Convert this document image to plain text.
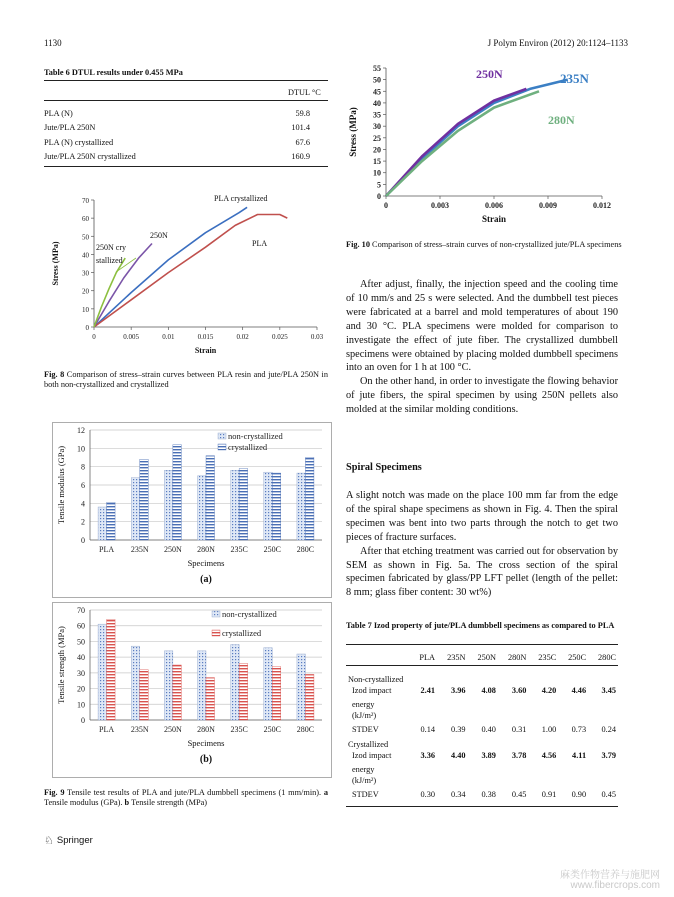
1130	J Polym Environ (2012) 20:1124–1133
Table 6 DTUL results under 0.455 MPa
DTUL °C
PLA (N)	59.8
Jute/PLA 250N	101.4
PLA (N) crystallized	67.6
Jute/PLA 250N crystallized	160.9
0	0.005	0.01	0.015	0.02	0.025	0.03
0
10
20
30
40
50
60
70
Strain
Stress (MPa)
PLA crystallized
PLA
250N
250N cry
stallized
Fig. 8 Comparison of stress–strain curves between PLA resin and jute/PLA 250N in both non-crystallized and crystallized
0
2
4
6
8
10
12
PLA 235N 250N 280N 235C 250C 280C
Specimens
(a)
Tensile modulus (GPa)
non-crystallized
crystallized
0
10
20
30
40
50
60
70
PLA 235N 250N 280N 235C 250C 280C
Specimens
(b)
Tensile strength (MPa)
non-crystallized
crystallized
Fig. 9 Tensile test results of PLA and jute/PLA dumbbell specimens (1 mm/min). a Tensile modulus (GPa). b Tensile strength (MPa)
0	0.003	0.006	0.009	0.012
0
5
10
15
20
25
30
35
40
45
50
55
Strain
Stress (MPa)
250N	235N
280N
Fig. 10 Comparison of stress–strain curves of non-crystallized jute/PLA specimens

After adjust, finally, the injection speed and the cooling time of 10 mm/s and 25 s were selected. And the dumbbell test pieces were fabricated at a barrel and mold temperatures of about 190 and 30 °C. PLA specimens were molded for comparison to investigate the effect of jute fiber. The crystallized dumbbell specimens were obtained by placing molded dumbbell specimens into an oven for 1 h at 100 °C.

On the other hand, in order to investigate the flowing behavior of jute fibers, the spiral specimen by using 250N pellets also molded at the similar molding conditions.

Spiral Specimens

A slight notch was made on the place 100 mm far from the edge of the spiral shape specimens as shown in Fig. 4. Then the spiral specimen was bent into two parts through the notch to get two pieces of fracture surfaces.

After that etching treatment was carried out for observation by SEM as shown in Fig. 5a. The cross section of the spiral specimen fabricated by glass/PP LFT pellet (length of the pellet: 8 mm; glass fiber content: 30 wt%)

Table 7 Izod property of jute/PLA dumbbell specimens as compared to PLA
	PLA	235N	250N	280N	235C	250C	280C

Non-crystallized							
Izod impact	2.41	3.96	4.08	3.60	4.20	4.46	3.45
energy							
(kJ/m²)							
STDEV	0.14	0.39	0.40	0.31	1.00	0.73	0.24
Crystallized							
Izod impact	3.36	4.40	3.89	3.78	4.56	4.11	3.79
energy							
(kJ/m²)							
STDEV	0.30	0.34	0.38	0.45	0.91	0.90	0.45
♘ Springer
麻类作物营养与施肥网
www.fibercrops.com
